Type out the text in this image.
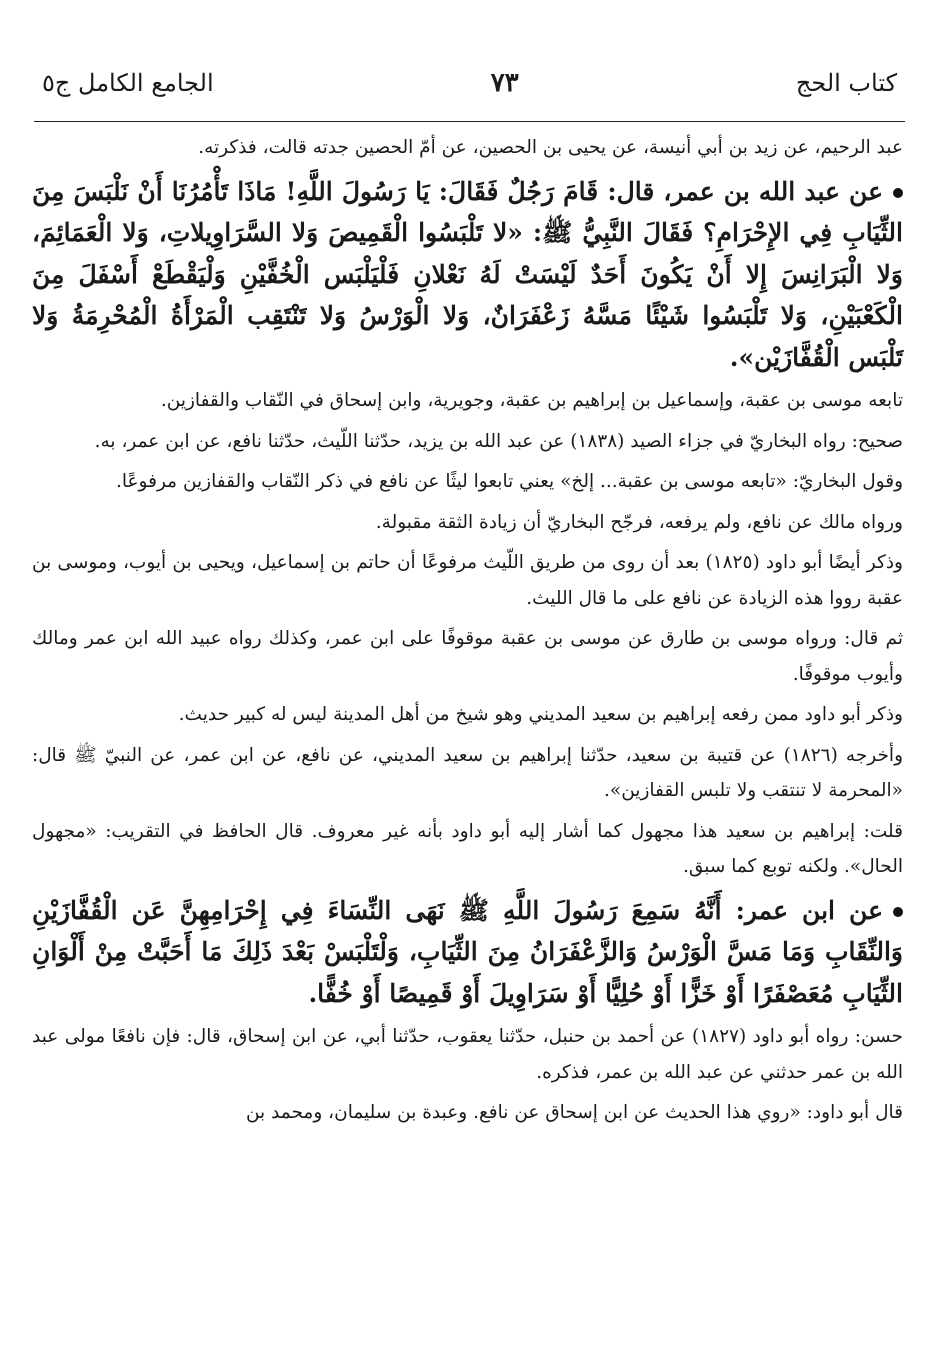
كتاب الحج
٧٣
الجامع الكامل ج٥

عبد الرحيم، عن زيد بن أبي أنيسة، عن يحيى بن الحصين، عن أمّ الحصين جدته قالت، فذكرته.

عن عبد الله بن عمر، قال: قَامَ رَجُلٌ فَقَالَ: يَا رَسُولَ اللَّهِ! مَاذَا تَأْمُرُنَا أَنْ نَلْبَسَ مِنَ الثِّيَابِ فِي الإِحْرَامِ؟ فَقَالَ النَّبِيُّ ﷺ: «لا تَلْبَسُوا الْقَمِيصَ وَلا السَّرَاوِيلاتِ، وَلا الْعَمَائِمَ، وَلا الْبَرَانِسَ إِلا أَنْ يَكُونَ أَحَدٌ لَيْسَتْ لَهُ نَعْلانِ فَلْيَلْبَس الْخُفَّيْنِ وَلْيَقْطَعْ أَسْفَلَ مِنَ الْكَعْبَيْنِ، وَلا تَلْبَسُوا شَيْئًا مَسَّهُ زَعْفَرَانٌ، وَلا الْوَرْسُ وَلا تَنْتَقِب الْمَرْأَةُ الْمُحْرِمَةُ وَلا تَلْبَس الْقُفَّازَيْن».

تابعه موسى بن عقبة، وإسماعيل بن إبراهيم بن عقبة، وجويرية، وابن إسحاق في النّقاب والقفازين.

صحيح: رواه البخاريّ في جزاء الصيد (١٨٣٨) عن عبد الله بن يزيد، حدّثنا اللّيث، حدّثنا نافع، عن ابن عمر، به.

وقول البخاريّ: «تابعه موسى بن عقبة... إلخ» يعني تابعوا ليثًا عن نافع في ذكر النّقاب والقفازين مرفوعًا.

ورواه مالك عن نافع، ولم يرفعه، فرجّح البخاريّ أن زيادة الثقة مقبولة.

وذكر أيضًا أبو داود (١٨٢٥) بعد أن روى من طريق اللّيث مرفوعًا أن حاتم بن إسماعيل، ويحيى بن أيوب، وموسى بن عقبة رووا هذه الزيادة عن نافع على ما قال الليث.

ثم قال: ورواه موسى بن طارق عن موسى بن عقبة موقوفًا على ابن عمر، وكذلك رواه عبيد الله ابن عمر ومالك وأيوب موقوفًا.

وذكر أبو داود ممن رفعه إبراهيم بن سعيد المديني وهو شيخ من أهل المدينة ليس له كبير حديث.

وأخرجه (١٨٢٦) عن قتيبة بن سعيد، حدّثنا إبراهيم بن سعيد المديني، عن نافع، عن ابن عمر، عن النبيّ ﷺ قال: «المحرمة لا تنتقب ولا تلبس القفازين».

قلت: إبراهيم بن سعيد هذا مجهول كما أشار إليه أبو داود بأنه غير معروف. قال الحافظ في التقريب: «مجهول الحال». ولكنه توبع كما سبق.

عن ابن عمر: أَنَّهُ سَمِعَ رَسُولَ اللَّهِ ﷺ نَهَى النِّسَاءَ فِي إِحْرَامِهِنَّ عَن الْقُفَّازَيْنِ وَالنِّقَابِ وَمَا مَسَّ الْوَرْسُ وَالزَّعْفَرَانُ مِنَ الثِّيَابِ، وَلْتَلْبَسْ بَعْدَ ذَلِكَ مَا أَحَبَّتْ مِنْ أَلْوَانِ الثِّيَابِ مُعَصْفَرًا أَوْ خَزًّا أَوْ حُلِيًّا أَوْ سَرَاوِيلَ أَوْ قَمِيصًا أَوْ خُفًّا.

حسن: رواه أبو داود (١٨٢٧) عن أحمد بن حنبل، حدّثنا يعقوب، حدّثنا أبي، عن ابن إسحاق، قال: فإن نافعًا مولى عبد الله بن عمر حدثني عن عبد الله بن عمر، فذكره.

قال أبو داود: «روي هذا الحديث عن ابن إسحاق عن نافع. وعبدة بن سليمان، ومحمد بن
